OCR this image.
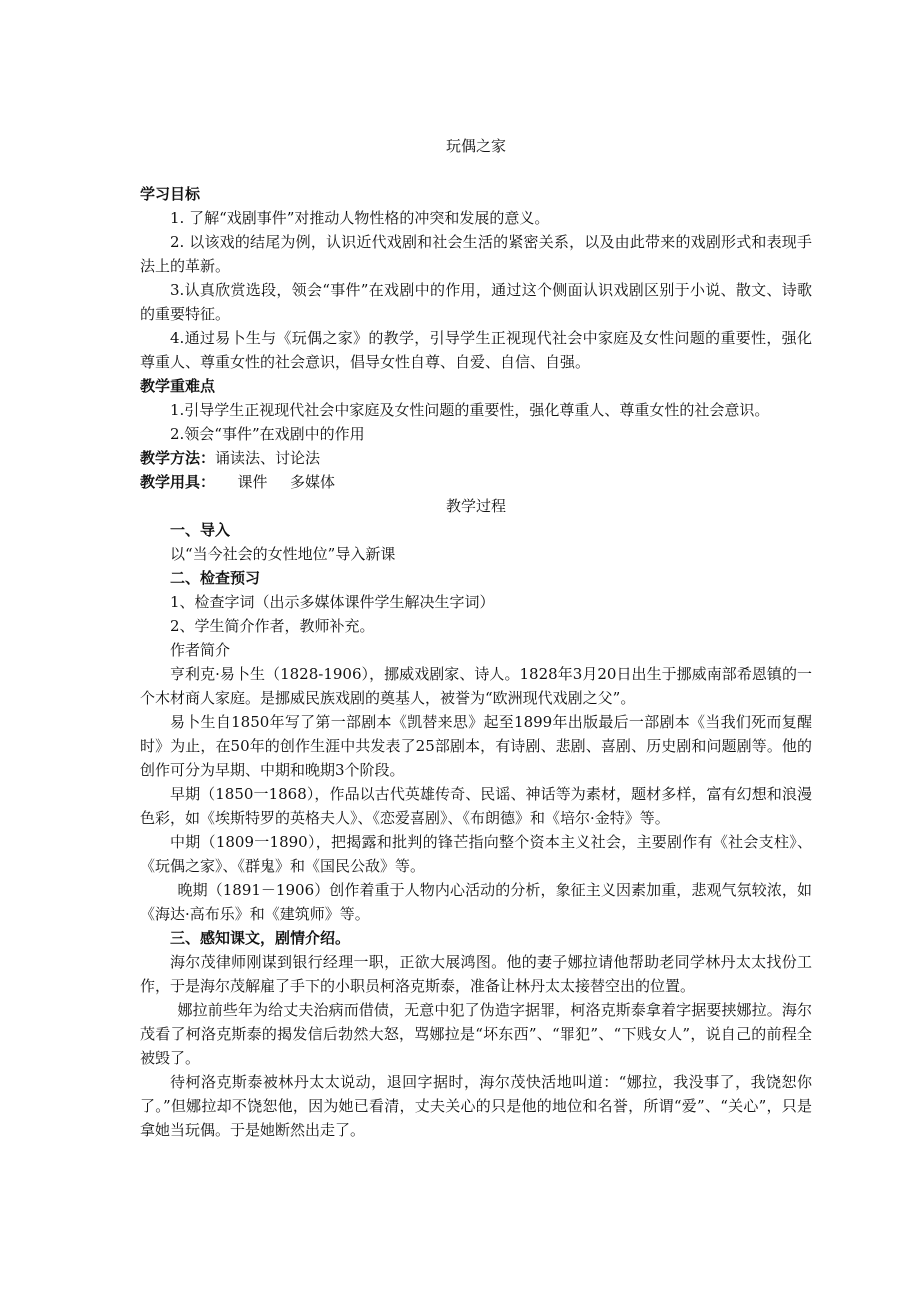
玩偶之家
学习目标
1. 了解“戏剧事件”对推动人物性格的冲突和发展的意义。
2. 以该戏的结尾为例，认识近代戏剧和社会生活的紧密关系，以及由此带来的戏剧形式和表现手法上的革新。
3.认真欣赏选段，领会“事件”在戏剧中的作用，通过这个侧面认识戏剧区别于小说、散文、诗歌的重要特征。
4.通过易卜生与《玩偶之家》的教学，引导学生正视现代社会中家庭及女性问题的重要性，强化尊重人、尊重女性的社会意识，倡导女性自尊、自爱、自信、自强。
教学重难点
1.引导学生正视现代社会中家庭及女性问题的重要性，强化尊重人、尊重女性的社会意识。
2.领会“事件”在戏剧中的作用
教学方法：诵读法、讨论法
教学用具： 课件 多媒体
教学过程
一、导入
以“当今社会的女性地位”导入新课
二、检查预习
1、检查字词（出示多媒体课件学生解决生字词）
2、学生简介作者，教师补充。
作者简介
亨利克·易卜生（1828-1906），挪威戏剧家、诗人。1828年3月20日出生于挪威南部希恩镇的一个木材商人家庭。是挪威民族戏剧的奠基人，被誉为“欧洲现代戏剧之父”。
易卜生自1850年写了第一部剧本《凯替来思》起至1899年出版最后一部剧本《当我们死而复醒时》为止，在50年的创作生涯中共发表了25部剧本，有诗剧、悲剧、喜剧、历史剧和问题剧等。他的创作可分为早期、中期和晚期3个阶段。
早期（1850一1868），作品以古代英雄传奇、民谣、神话等为素材，题材多样，富有幻想和浪漫色彩，如《埃斯特罗的英格夫人》、《恋爱喜剧》、《布朗德》和《培尔·金特》等。
中期（1809一1890），把揭露和批判的锋芒指向整个资本主义社会，主要剧作有《社会支柱》、《玩偶之家》、《群鬼》和《国民公敌》等。
晚期（1891－1906）创作着重于人物内心活动的分析，象征主义因素加重，悲观气氛较浓，如《海达·高布乐》和《建筑师》等。
三、感知课文，剧情介绍。
海尔茂律师刚谋到银行经理一职，正欲大展鸿图。他的妻子娜拉请他帮助老同学林丹太太找份工作，于是海尔茂解雇了手下的小职员柯洛克斯泰，准备让林丹太太接替空出的位置。
娜拉前些年为给丈夫治病而借债，无意中犯了伪造字据罪，柯洛克斯泰拿着字据要挟娜拉。海尔茂看了柯洛克斯泰的揭发信后勃然大怒，骂娜拉是“坏东西”、“罪犯”、“下贱女人”，说自己的前程全被毁了。
待柯洛克斯泰被林丹太太说动，退回字据时，海尔茂快活地叫道：“娜拉，我没事了，我饶恕你了。”但娜拉却不饶恕他，因为她已看清，丈夫关心的只是他的地位和名誉，所谓“爱”、“关心”，只是拿她当玩偶。于是她断然出走了。
